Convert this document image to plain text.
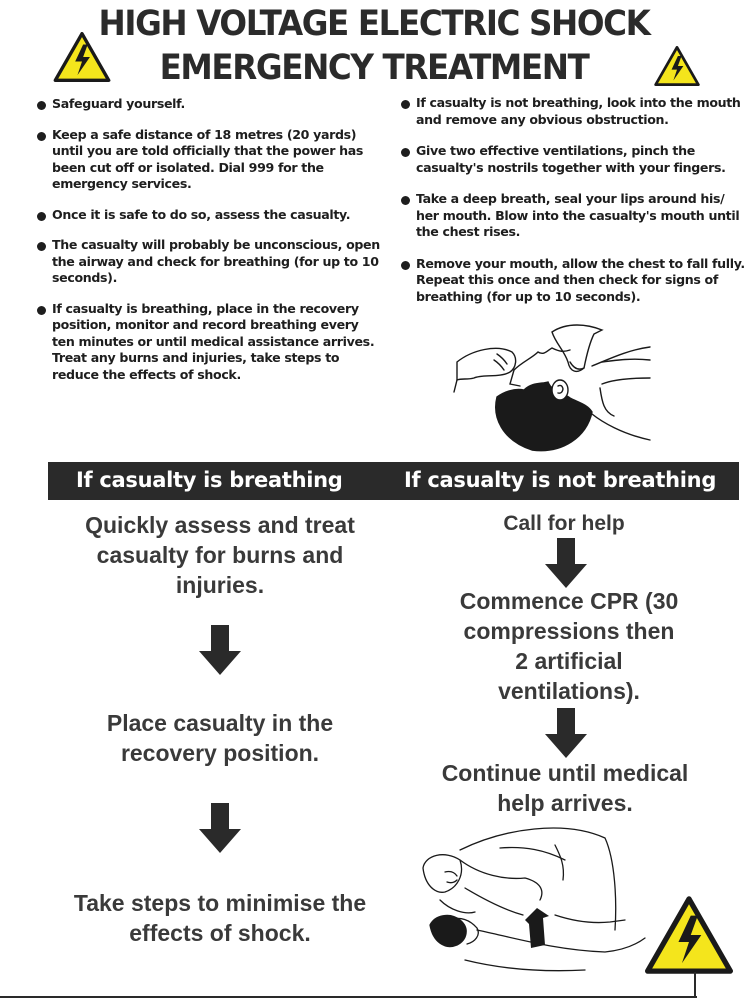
HIGH VOLTAGE ELECTRIC SHOCK
EMERGENCY TREATMENT
Safeguard yourself.
Keep a safe distance of 18 metres (20 yards) until you are told officially that the power has been cut off or isolated. Dial 999 for the emergency services.
Once it is safe to do so, assess the casualty.
The casualty will probably be unconscious, open the airway and check for breathing (for up to 10 seconds).
If casualty is breathing, place in the recovery position, monitor and record breathing every ten minutes or until medical assistance arrives. Treat any burns and injuries, take steps to reduce the effects of shock.
If casualty is not breathing, look into the mouth and remove any obvious obstruction.
Give two effective ventilations, pinch the casualty's nostrils together with your fingers.
Take a deep breath, seal your lips around his/ her mouth. Blow into the casualty's mouth until the chest rises.
Remove your mouth, allow the chest to fall fully. Repeat this once and then check for signs of breathing (for up to 10 seconds).
If casualty is breathing	If casualty is not breathing
Quickly assess and treat casualty for burns and injuries.
Place casualty in the recovery position.
Take steps to minimise the effects of shock.
Call for help
Commence CPR (30 compressions then 2 artificial ventilations).
Continue until medical help arrives.
